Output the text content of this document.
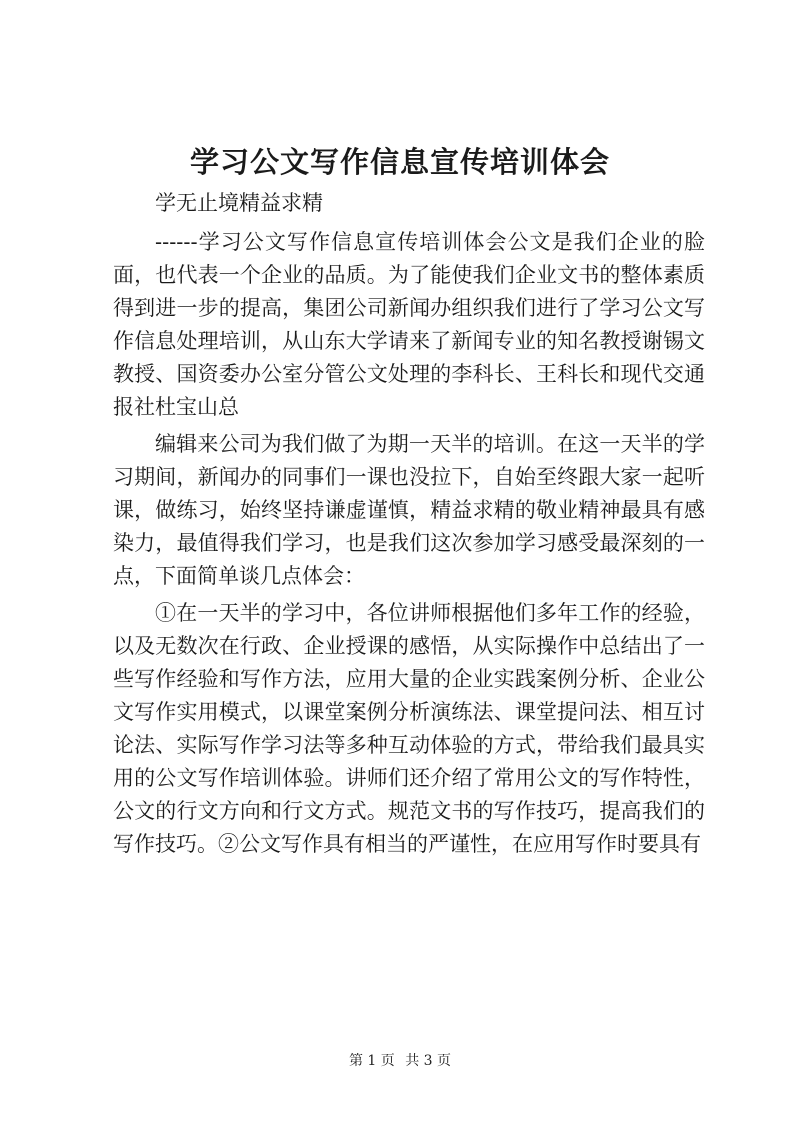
学习公文写作信息宣传培训体会

学无止境精益求精

------学习公文写作信息宣传培训体会公文是我们企业的脸面，也代表一个企业的品质。为了能使我们企业文书的整体素质得到进一步的提高，集团公司新闻办组织我们进行了学习公文写作信息处理培训，从山东大学请来了新闻专业的知名教授谢锡文教授、国资委办公室分管公文处理的李科长、王科长和现代交通报社杜宝山总

编辑来公司为我们做了为期一天半的培训。在这一天半的学习期间，新闻办的同事们一课也没拉下，自始至终跟大家一起听课，做练习，始终坚持谦虚谨慎，精益求精的敬业精神最具有感染力，最值得我们学习，也是我们这次参加学习感受最深刻的一点，下面简单谈几点体会：

①在一天半的学习中，各位讲师根据他们多年工作的经验，以及无数次在行政、企业授课的感悟，从实际操作中总结出了一些写作经验和写作方法，应用大量的企业实践案例分析、企业公文写作实用模式，以课堂案例分析演练法、课堂提问法、相互讨论法、实际写作学习法等多种互动体验的方式，带给我们最具实用的公文写作培训体验。讲师们还介绍了常用公文的写作特性，公文的行文方向和行文方式。规范文书的写作技巧，提高我们的写作技巧。②公文写作具有相当的严谨性，在应用写作时要具有

第 1 页 共 3 页
